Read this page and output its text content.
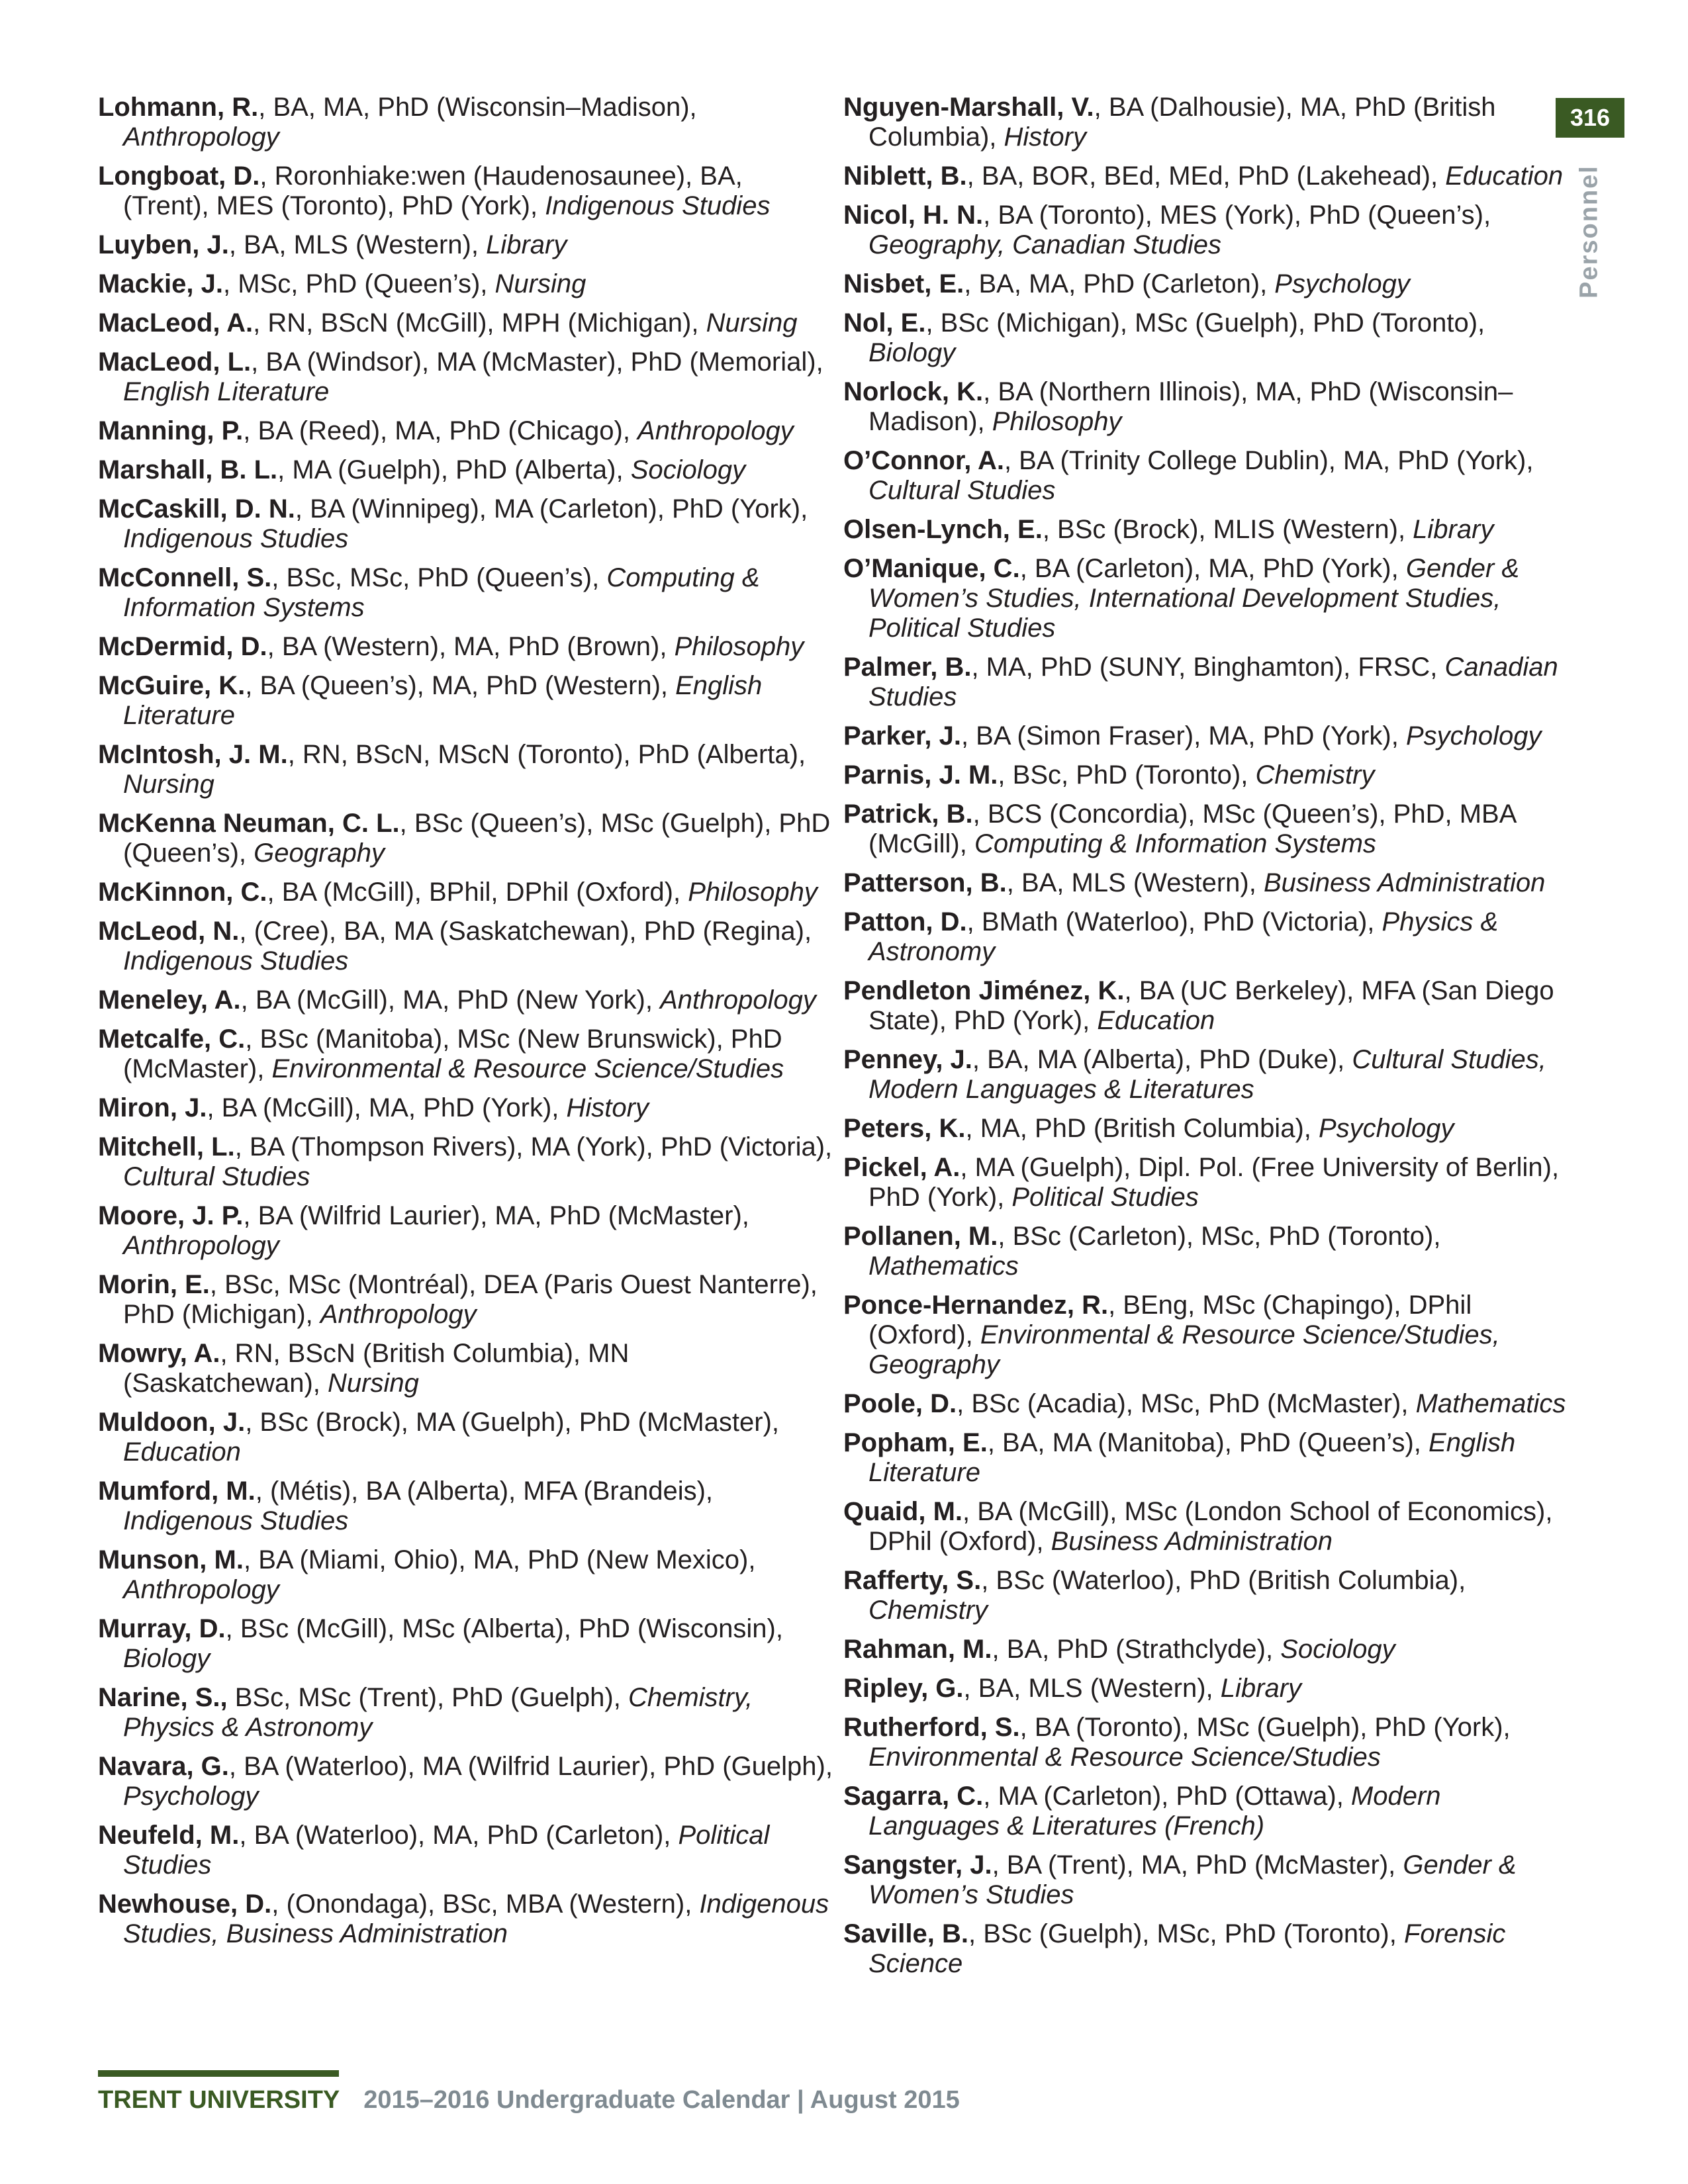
Lohmann, R., BA, MA, PhD (Wisconsin–Madison), Anthropology

Longboat, D., Roronhiake:wen (Haudenosaunee), BA, (Trent), MES (Toronto), PhD (York), Indigenous Studies

Luyben, J., BA, MLS (Western), Library

Mackie, J., MSc, PhD (Queen’s), Nursing

MacLeod, A., RN, BScN (McGill), MPH (Michigan), Nursing

MacLeod, L., BA (Windsor), MA (McMaster), PhD (Memorial), English Literature

Manning, P., BA (Reed), MA, PhD (Chicago), Anthropology

Marshall, B. L., MA (Guelph), PhD (Alberta), Sociology

McCaskill, D. N., BA (Winnipeg), MA (Carleton), PhD (York), Indigenous Studies

McConnell, S., BSc, MSc, PhD (Queen’s), Computing & Information Systems

McDermid, D., BA (Western), MA, PhD (Brown), Philosophy

McGuire, K., BA (Queen’s), MA, PhD (Western), English Literature

McIntosh, J. M., RN, BScN, MScN (Toronto), PhD (Alberta), Nursing

McKenna Neuman, C. L., BSc (Queen’s), MSc (Guelph), PhD (Queen’s), Geography

McKinnon, C., BA (McGill), BPhil, DPhil (Oxford), Philosophy

McLeod, N., (Cree), BA, MA (Saskatchewan), PhD (Regina), Indigenous Studies

Meneley, A., BA (McGill), MA, PhD (New York), Anthropology

Metcalfe, C., BSc (Manitoba), MSc (New Brunswick), PhD (McMaster), Environmental & Resource Science/Studies

Miron, J., BA (McGill), MA, PhD (York), History

Mitchell, L., BA (Thompson Rivers), MA (York), PhD (Victoria), Cultural Studies

Moore, J. P., BA (Wilfrid Laurier), MA, PhD (McMaster), Anthropology

Morin, E., BSc, MSc (Montréal), DEA (Paris Ouest Nanterre), PhD (Michigan), Anthropology

Mowry, A., RN, BScN (British Columbia), MN (Saskatchewan), Nursing

Muldoon, J., BSc (Brock), MA (Guelph), PhD (McMaster), Education

Mumford, M., (Métis), BA (Alberta), MFA (Brandeis), Indigenous Studies

Munson, M., BA (Miami, Ohio), MA, PhD (New Mexico), Anthropology

Murray, D., BSc (McGill), MSc (Alberta), PhD (Wisconsin), Biology

Narine, S., BSc, MSc (Trent), PhD (Guelph), Chemistry, Physics & Astronomy

Navara, G., BA (Waterloo), MA (Wilfrid Laurier), PhD (Guelph), Psychology

Neufeld, M., BA (Waterloo), MA, PhD (Carleton), Political Studies

Newhouse, D., (Onondaga), BSc, MBA (Western), Indigenous Studies, Business Administration

Nguyen-Marshall, V., BA (Dalhousie), MA, PhD (British Columbia), History

Niblett, B., BA, BOR, BEd, MEd, PhD (Lakehead), Education

Nicol, H. N., BA (Toronto), MES (York), PhD (Queen’s), Geography, Canadian Studies

Nisbet, E., BA, MA, PhD (Carleton), Psychology

Nol, E., BSc (Michigan), MSc (Guelph), PhD (Toronto), Biology

Norlock, K., BA (Northern Illinois), MA, PhD (Wisconsin–Madison), Philosophy

O’Connor, A., BA (Trinity College Dublin), MA, PhD (York), Cultural Studies

Olsen-Lynch, E., BSc (Brock), MLIS (Western), Library

O’Manique, C., BA (Carleton), MA, PhD (York), Gender & Women’s Studies, International Development Studies, Political Studies

Palmer, B., MA, PhD (SUNY, Binghamton), FRSC, Canadian Studies

Parker, J., BA (Simon Fraser), MA, PhD (York), Psychology

Parnis, J. M., BSc, PhD (Toronto), Chemistry

Patrick, B., BCS (Concordia), MSc (Queen’s), PhD, MBA (McGill), Computing & Information Systems

Patterson, B., BA, MLS (Western), Business Administration

Patton, D., BMath (Waterloo), PhD (Victoria), Physics & Astronomy

Pendleton Jiménez, K., BA (UC Berkeley), MFA (San Diego State), PhD (York), Education

Penney, J., BA, MA (Alberta), PhD (Duke), Cultural Studies, Modern Languages & Literatures

Peters, K., MA, PhD (British Columbia), Psychology

Pickel, A., MA (Guelph), Dipl. Pol. (Free University of Berlin), PhD (York), Political Studies

Pollanen, M., BSc (Carleton), MSc, PhD (Toronto), Mathematics

Ponce-Hernandez, R., BEng, MSc (Chapingo), DPhil (Oxford), Environmental & Resource Science/Studies, Geography

Poole, D., BSc (Acadia), MSc, PhD (McMaster), Mathematics

Popham, E., BA, MA (Manitoba), PhD (Queen’s), English Literature

Quaid, M., BA (McGill), MSc (London School of Economics), DPhil (Oxford), Business Administration

Rafferty, S., BSc (Waterloo), PhD (British Columbia), Chemistry

Rahman, M., BA, PhD (Strathclyde), Sociology

Ripley, G., BA, MLS (Western), Library

Rutherford, S., BA (Toronto), MSc (Guelph), PhD (York), Environmental & Resource Science/Studies

Sagarra, C., MA (Carleton), PhD (Ottawa), Modern Languages & Literatures (French)

Sangster, J., BA (Trent), MA, PhD (McMaster), Gender & Women’s Studies

Saville, B., BSc (Guelph), MSc, PhD (Toronto), Forensic Science

316
Personnel
TRENT UNIVERSITY 2015–2016 Undergraduate Calendar | August 2015
